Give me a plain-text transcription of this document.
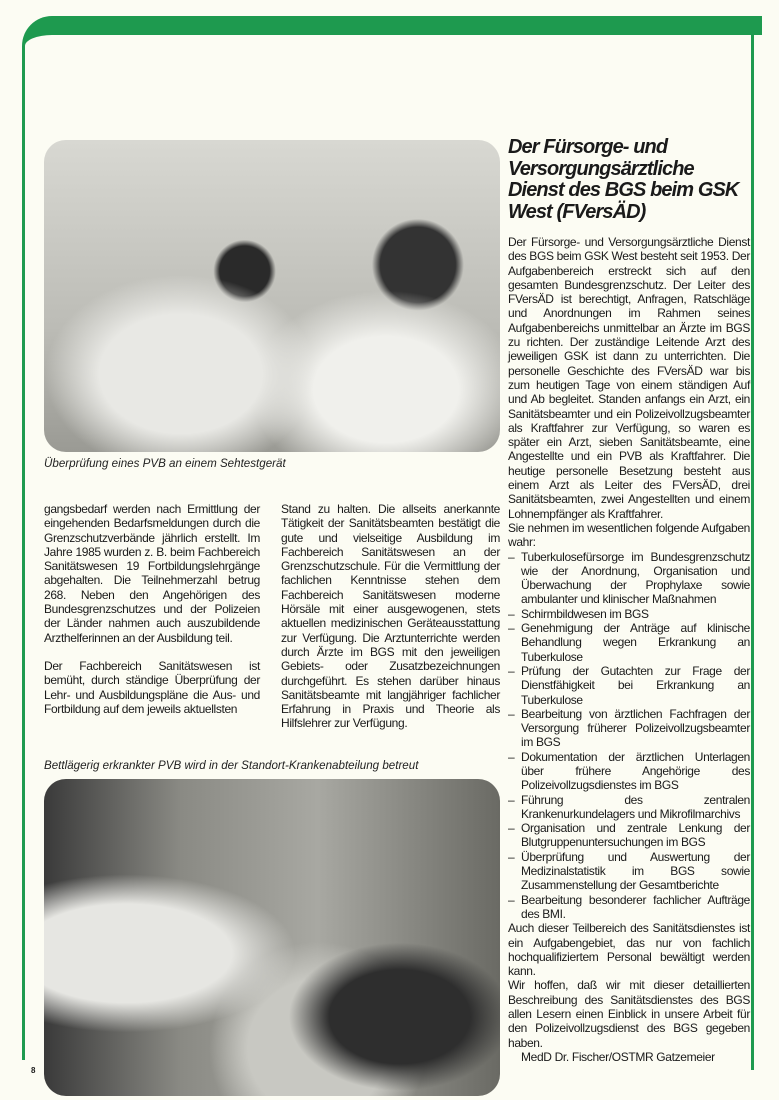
Überprüfung eines PVB an einem Sehtestgerät

gangsbedarf werden nach Ermittlung der eingehenden Bedarfsmeldungen durch die Grenzschutzverbände jährlich erstellt. Im Jahre 1985 wurden z. B. beim Fachbereich Sanitätswesen 19 Fortbildungslehrgänge abgehalten. Die Teilnehmerzahl betrug 268. Neben den Angehörigen des Bundesgrenzschutzes und der Polizeien der Länder nahmen auch auszubildende Arzthelferinnen an der Ausbildung teil.

Der Fachbereich Sanitätswesen ist bemüht, durch ständige Überprüfung der Lehr- und Ausbildungspläne die Aus- und Fortbildung auf dem jeweils aktuellsten

Stand zu halten. Die allseits anerkannte Tätigkeit der Sanitätsbeamten bestätigt die gute und vielseitige Ausbildung im Fachbereich Sanitätswesen an der Grenzschutzschule. Für die Vermittlung der fachlichen Kenntnisse stehen dem Fachbereich Sanitätswesen moderne Hörsäle mit einer ausgewogenen, stets aktuellen medizinischen Geräteausstattung zur Verfügung. Die Arztunterrichte werden durch Ärzte im BGS mit den jeweiligen Gebiets- oder Zusatzbezeichnungen durchgeführt. Es stehen darüber hinaus Sanitätsbeamte mit langjähriger fachlicher Erfahrung in Praxis und Theorie als Hilfslehrer zur Verfügung.

Bettlägerig erkrankter PVB wird in der Standort-Krankenabteilung betreut
Der Fürsorge- und Versorgungsärztliche Dienst des BGS beim GSK West (FVersÄD)

Der Fürsorge- und Versorgungsärztliche Dienst des BGS beim GSK West besteht seit 1953. Der Aufgabenbereich erstreckt sich auf den gesamten Bundesgrenzschutz. Der Leiter des FVersÄD ist berechtigt, Anfragen, Ratschläge und Anordnungen im Rahmen seines Aufgabenbereichs unmittelbar an Ärzte im BGS zu richten. Der zuständige Leitende Arzt des jeweiligen GSK ist dann zu unterrichten. Die personelle Geschichte des FVersÄD war bis zum heutigen Tage von einem ständigen Auf und Ab begleitet. Standen anfangs ein Arzt, ein Sanitätsbeamter und ein Polizeivollzugsbeamter als Kraftfahrer zur Verfügung, so waren es später ein Arzt, sieben Sanitätsbeamte, eine Angestellte und ein PVB als Kraftfahrer. Die heutige personelle Besetzung besteht aus einem Arzt als Leiter des FVersÄD, drei Sanitätsbeamten, zwei Angestellten und einem Lohnempfänger als Kraftfahrer.

Sie nehmen im wesentlichen folgende Aufgaben wahr:

– Tuberkulosefürsorge im Bundesgrenzschutz wie der Anordnung, Organisation und Überwachung der Prophylaxe sowie ambulanter und klinischer Maßnahmen
– Schirmbildwesen im BGS
– Genehmigung der Anträge auf klinische Behandlung wegen Erkrankung an Tuberkulose
– Prüfung der Gutachten zur Frage der Dienstfähigkeit bei Erkrankung an Tuberkulose
– Bearbeitung von ärztlichen Fachfragen der Versorgung früherer Polizeivollzugsbeamter im BGS
– Dokumentation der ärztlichen Unterlagen über frühere Angehörige des Polizeivollzugsdienstes im BGS
– Führung des zentralen Krankenurkundelagers und Mikrofilmarchivs
– Organisation und zentrale Lenkung der Blutgruppenuntersuchungen im BGS
– Überprüfung und Auswertung der Medizinalstatistik im BGS sowie Zusammenstellung der Gesamtberichte
– Bearbeitung besonderer fachlicher Aufträge des BMI.

Auch dieser Teilbereich des Sanitätsdienstes ist ein Aufgabengebiet, das nur von fachlich hochqualifiziertem Personal bewältigt werden kann.

Wir hoffen, daß wir mit dieser detaillierten Beschreibung des Sanitätsdienstes des BGS allen Lesern einen Einblick in unsere Arbeit für den Polizeivollzugsdienst des BGS gegeben haben.

MedD Dr. Fischer/OSTMR Gatzemeier

8
